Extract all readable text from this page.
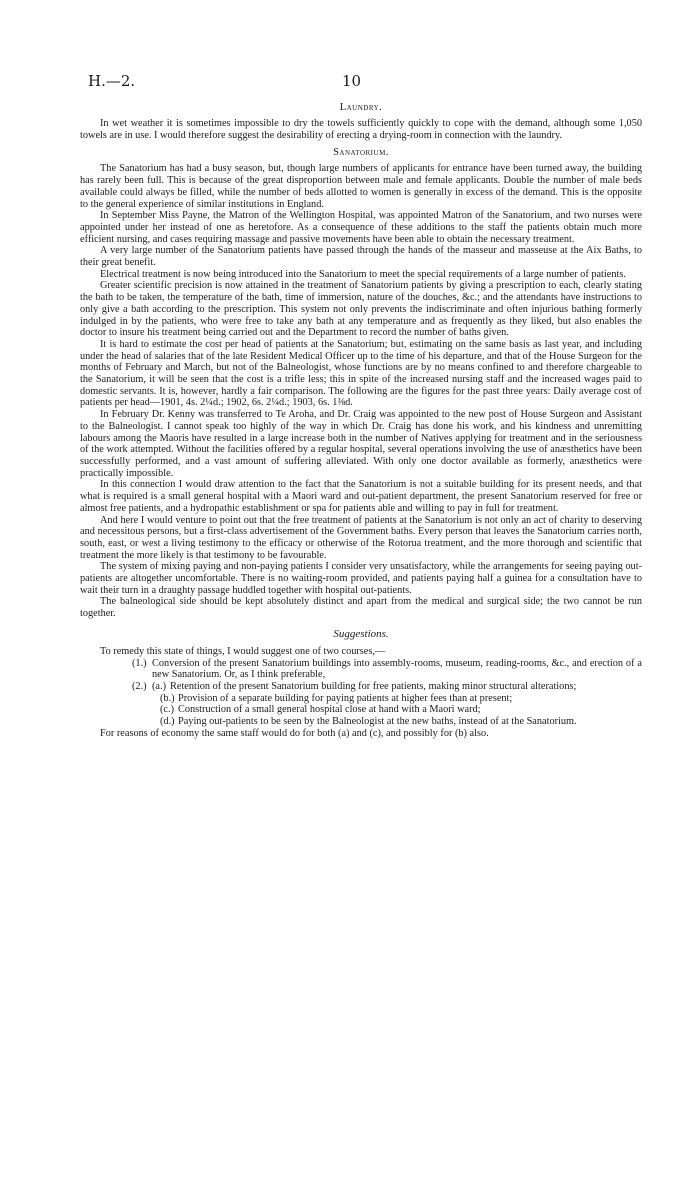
H.—2.	10
Laundry.

In wet weather it is sometimes impossible to dry the towels sufficiently quickly to cope with the demand, although some 1,050 towels are in use. I would therefore suggest the desirability of erecting a drying-room in connection with the laundry.

Sanatorium.

The Sanatorium has had a busy season, but, though large numbers of applicants for entrance have been turned away, the building has rarely been full. This is because of the great disproportion between male and female applicants. Double the number of male beds available could always be filled, while the number of beds allotted to women is generally in excess of the demand. This is the opposite to the general experience of similar institutions in England.

In September Miss Payne, the Matron of the Wellington Hospital, was appointed Matron of the Sanatorium, and two nurses were appointed under her instead of one as heretofore. As a consequence of these additions to the staff the patients obtain much more efficient nursing, and cases requiring massage and passive movements have been able to obtain the necessary treatment.

A very large number of the Sanatorium patients have passed through the hands of the masseur and masseuse at the Aix Baths, to their great benefit.

Electrical treatment is now being introduced into the Sanatorium to meet the special requirements of a large number of patients.

Greater scientific precision is now attained in the treatment of Sanatorium patients by giving a prescription to each, clearly stating the bath to be taken, the temperature of the bath, time of immersion, nature of the douches, &c.; and the attendants have instructions to only give a bath according to the prescription. This system not only prevents the indiscriminate and often injurious bathing formerly indulged in by the patients, who were free to take any bath at any temperature and as frequently as they liked, but also enables the doctor to insure his treatment being carried out and the Department to record the number of baths given.

It is hard to estimate the cost per head of patients at the Sanatorium; but, estimating on the same basis as last year, and including under the head of salaries that of the late Resident Medical Officer up to the time of his departure, and that of the House Surgeon for the months of February and March, but not of the Balneologist, whose functions are by no means confined to and therefore chargeable to the Sanatorium, it will be seen that the cost is a trifle less; this in spite of the increased nursing staff and the increased wages paid to domestic servants. It is, however, hardly a fair comparison. The following are the figures for the past three years: Daily average cost of patients per head—1901, 4s. 2¼d.; 1902, 6s. 2¼d.; 1903, 6s. 1⅜d.

In February Dr. Kenny was transferred to Te Aroha, and Dr. Craig was appointed to the new post of House Surgeon and Assistant to the Balneologist. I cannot speak too highly of the way in which Dr. Craig has done his work, and his kindness and unremitting labours among the Maoris have resulted in a large increase both in the number of Natives applying for treatment and in the seriousness of the work attempted. Without the facilities offered by a regular hospital, several operations involving the use of anæsthetics have been successfully performed, and a vast amount of suffering alleviated. With only one doctor available as formerly, anæsthetics were practically impossible.

In this connection I would draw attention to the fact that the Sanatorium is not a suitable building for its present needs, and that what is required is a small general hospital with a Maori ward and out-patient department, the present Sanatorium reserved for free or almost free patients, and a hydropathic establishment or spa for patients able and willing to pay in full for treatment.

And here I would venture to point out that the free treatment of patients at the Sanatorium is not only an act of charity to deserving and necessitous persons, but a first-class advertisement of the Government baths. Every person that leaves the Sanatorium carries north, south, east, or west a living testimony to the efficacy or otherwise of the Rotorua treatment, and the more thorough and scientific that treatment the more likely is that testimony to be favourable.

The system of mixing paying and non-paying patients I consider very unsatisfactory, while the arrangements for seeing paying out-patients are altogether uncomfortable. There is no waiting-room provided, and patients paying half a guinea for a consultation have to wait their turn in a draughty passage huddled together with hospital out-patients.

The balneological side should be kept absolutely distinct and apart from the medical and surgical side; the two cannot be run together.

Suggestions.

To remedy this state of things, I would suggest one of two courses,—

(1.) Conversion of the present Sanatorium buildings into assembly-rooms, museum, reading-rooms, &c., and erection of a new Sanatorium. Or, as I think preferable,
(2.) (a.) Retention of the present Sanatorium building for free patients, making minor structural alterations;
(b.) Provision of a separate building for paying patients at higher fees than at present;
(c.) Construction of a small general hospital close at hand with a Maori ward;
(d.) Paying out-patients to be seen by the Balneologist at the new baths, instead of at the Sanatorium.

For reasons of economy the same staff would do for both (a) and (c), and possibly for (b) also.
